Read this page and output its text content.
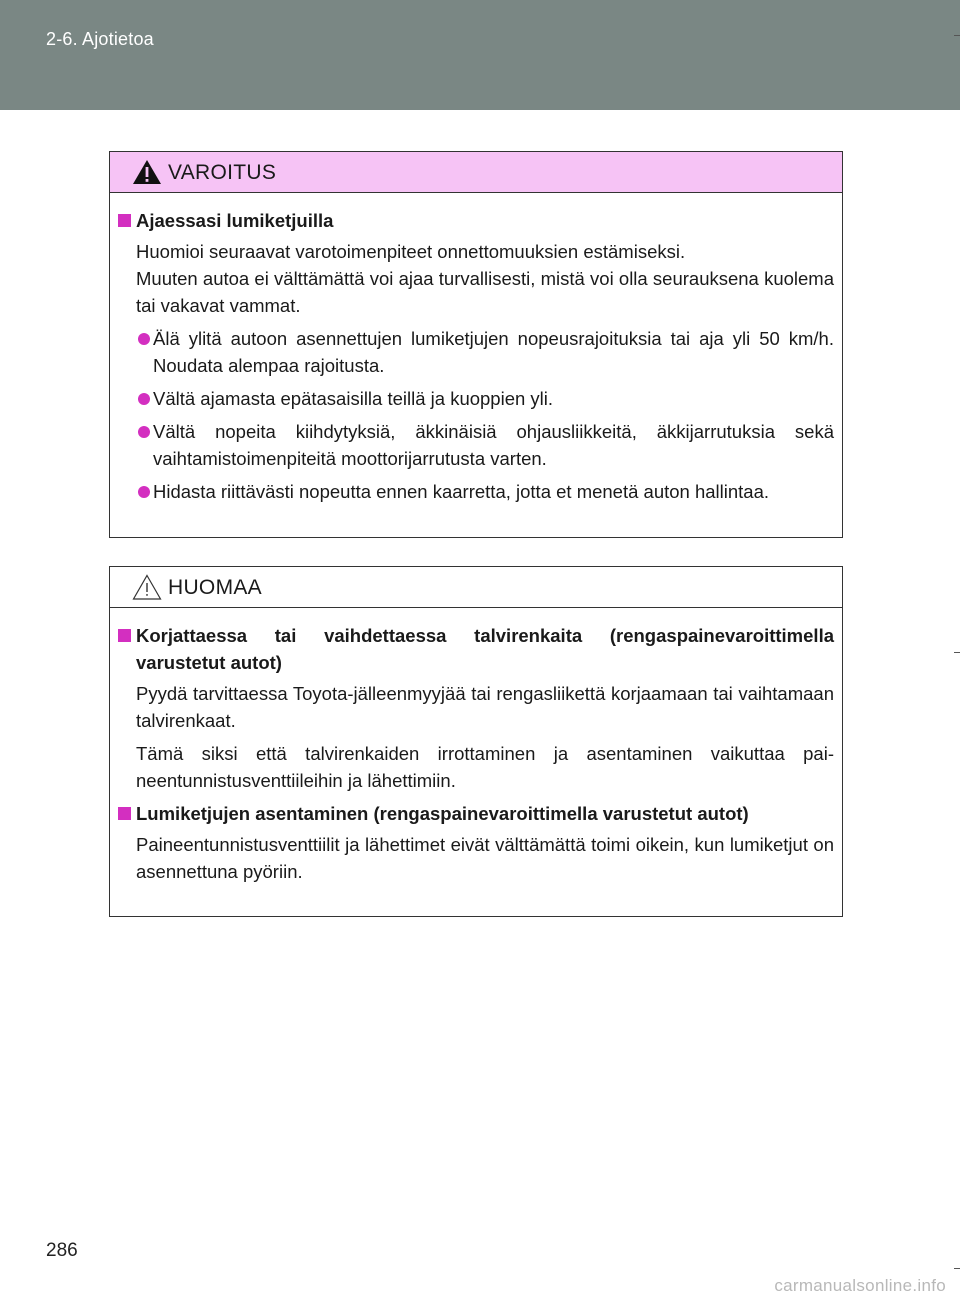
2-6. Ajotietoa
VAROITUS
Ajaessasi lumiketjuilla
Huomioi seuraavat varotoimenpiteet onnettomuuksien estämiseksi.
Muuten autoa ei välttämättä voi ajaa turvallisesti, mistä voi olla seurauksena kuolema tai vakavat vammat.
Älä ylitä autoon asennettujen lumiketjujen nopeusrajoituksia tai aja yli 50 km/h. Noudata alempaa rajoitusta.
Vältä ajamasta epätasaisilla teillä ja kuoppien yli.
Vältä nopeita kiihdytyksiä, äkkinäisiä ohjausliikkeitä, äkkijarrutuksia sekä vaihtamistoimenpiteitä moottorijarrutusta varten.
Hidasta riittävästi nopeutta ennen kaarretta, jotta et menetä auton hallintaa.
HUOMAA
Korjattaessa tai vaihdettaessa talvirenkaita (rengaspainevaroittimella varustetut autot)
Pyydä tarvittaessa Toyota-jälleenmyyjää tai rengasliikettä korjaamaan tai vaihtamaan talvirenkaat.
Tämä siksi että talvirenkaiden irrottaminen ja asentaminen vaikuttaa pai-neentunnistusventtiileihin ja lähettimiin.
Lumiketjujen asentaminen (rengaspainevaroittimella varustetut autot)
Paineentunnistusventtiilit ja lähettimet eivät välttämättä toimi oikein, kun lumiketjut on asennettuna pyöriin.
286
carmanualsonline.info
